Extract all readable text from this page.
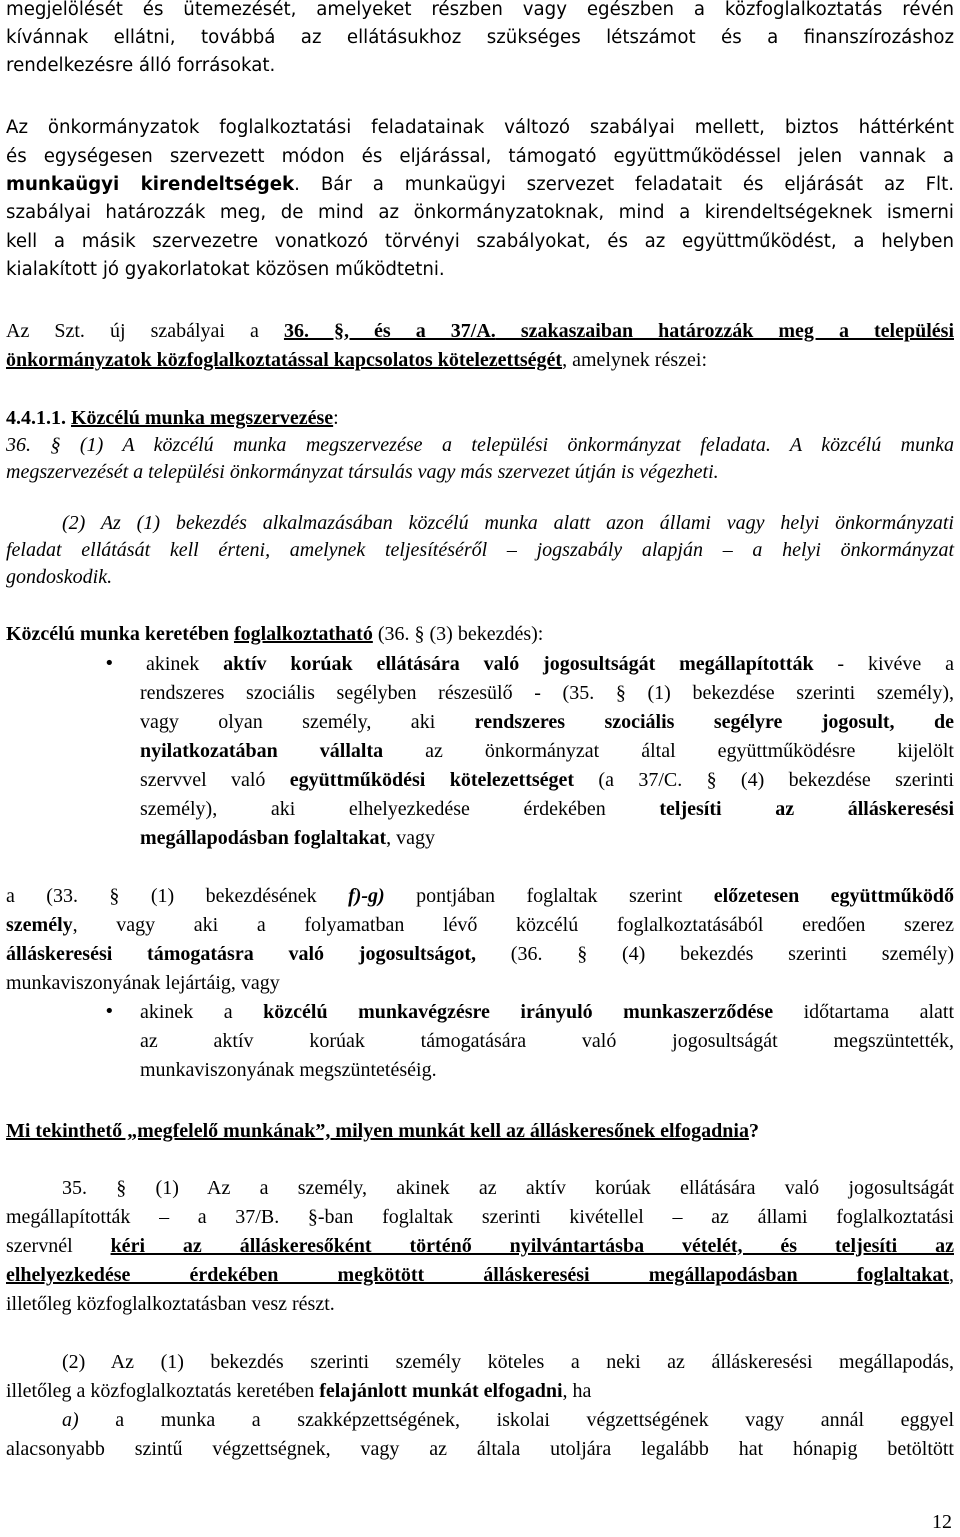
megjelölését és ütemezését, amelyeket részben vagy egészben a közfoglalkoztatás révén
kívánnak ellátni, továbbá az ellátásukhoz szükséges létszámot és a finanszírozáshoz
rendelkezésre álló forrásokat.
Az önkormányzatok foglalkoztatási feladatainak változó szabályai mellett, biztos háttérként
és egységesen szervezett módon és eljárással, támogató együttműködéssel jelen vannak a
munkaügyi kirendeltségek. Bár a munkaügyi szervezet feladatait és eljárását az Flt.
szabályai határozzák meg, de mind az önkormányzatoknak, mind a kirendeltségeknek ismerni
kell a másik szervezetre vonatkozó törvényi szabályokat, és az együttműködést, a helyben
kialakított jó gyakorlatokat közösen működtetni.
Az Szt. új szabályai a 36. §, és a 37/A. szakaszaiban határozzák meg a települési
önkormányzatok közfoglalkoztatással kapcsolatos kötelezettségét, amelynek részei:
4.4.1.1. Közcélú munka megszervezése:
36. § (1) A közcélú munka megszervezése a települési önkormányzat feladata. A közcélú munka
megszervezését a települési önkormányzat társulás vagy más szervezet útján is végezheti.
(2) Az (1) bekezdés alkalmazásában közcélú munka alatt azon állami vagy helyi önkormányzati
feladat ellátását kell érteni, amelynek teljesítéséről – jogszabály alapján – a helyi önkormányzat
gondoskodik.
Közcélú munka keretében foglalkoztatható (36. § (3) bekezdés):
• akinek aktív korúak ellátására való jogosultságát megállapították - kivéve a
rendszeres szociális segélyben részesülő - (35. § (1) bekezdése szerinti személy),
vagy olyan személy, aki rendszeres szociális segélyre jogosult, de
nyilatkozatában vállalta az önkormányzat által együttműködésre kijelölt
szervvel való együttműködési kötelezettséget (a 37/C. § (4) bekezdése szerinti
személy), aki elhelyezkedése érdekében teljesíti az álláskeresési
megállapodásban foglaltakat, vagy
a (33. § (1) bekezdésének f)-g) pontjában foglaltak szerint előzetesen együttműködő
személy, vagy aki a folyamatban lévő közcélú foglalkoztatásából eredően szerez
álláskeresési támogatásra való jogosultságot, (36. § (4) bekezdés szerinti személy)
munkaviszonyának lejártáig, vagy
• akinek a közcélú munkavégzésre irányuló munkaszerződése időtartama alatt
az aktív korúak támogatására való jogosultságát megszüntették,
munkaviszonyának megszüntetéséig.
Mi tekinthető „megfelelő munkának”, milyen munkát kell az álláskeresőnek elfogadnia?
35. § (1) Az a személy, akinek az aktív korúak ellátására való jogosultságát
megállapították – a 37/B. §-ban foglaltak szerinti kivétellel – az állami foglalkoztatási
szervnél kéri az álláskeresőként történő nyilvántartásba vételét, és teljesíti az
elhelyezkedése érdekében megkötött álláskeresési megállapodásban foglaltakat,
illetőleg közfoglalkoztatásban vesz részt.
(2) Az (1) bekezdés szerinti személy köteles a neki az álláskeresési megállapodás,
illetőleg a közfoglalkoztatás keretében felajánlott munkát elfogadni, ha
a) a munka a szakképzettségének, iskolai végzettségének vagy annál eggyel
alacsonyabb szintű végzettségnek, vagy az általa utoljára legalább hat hónapig betöltött
12
